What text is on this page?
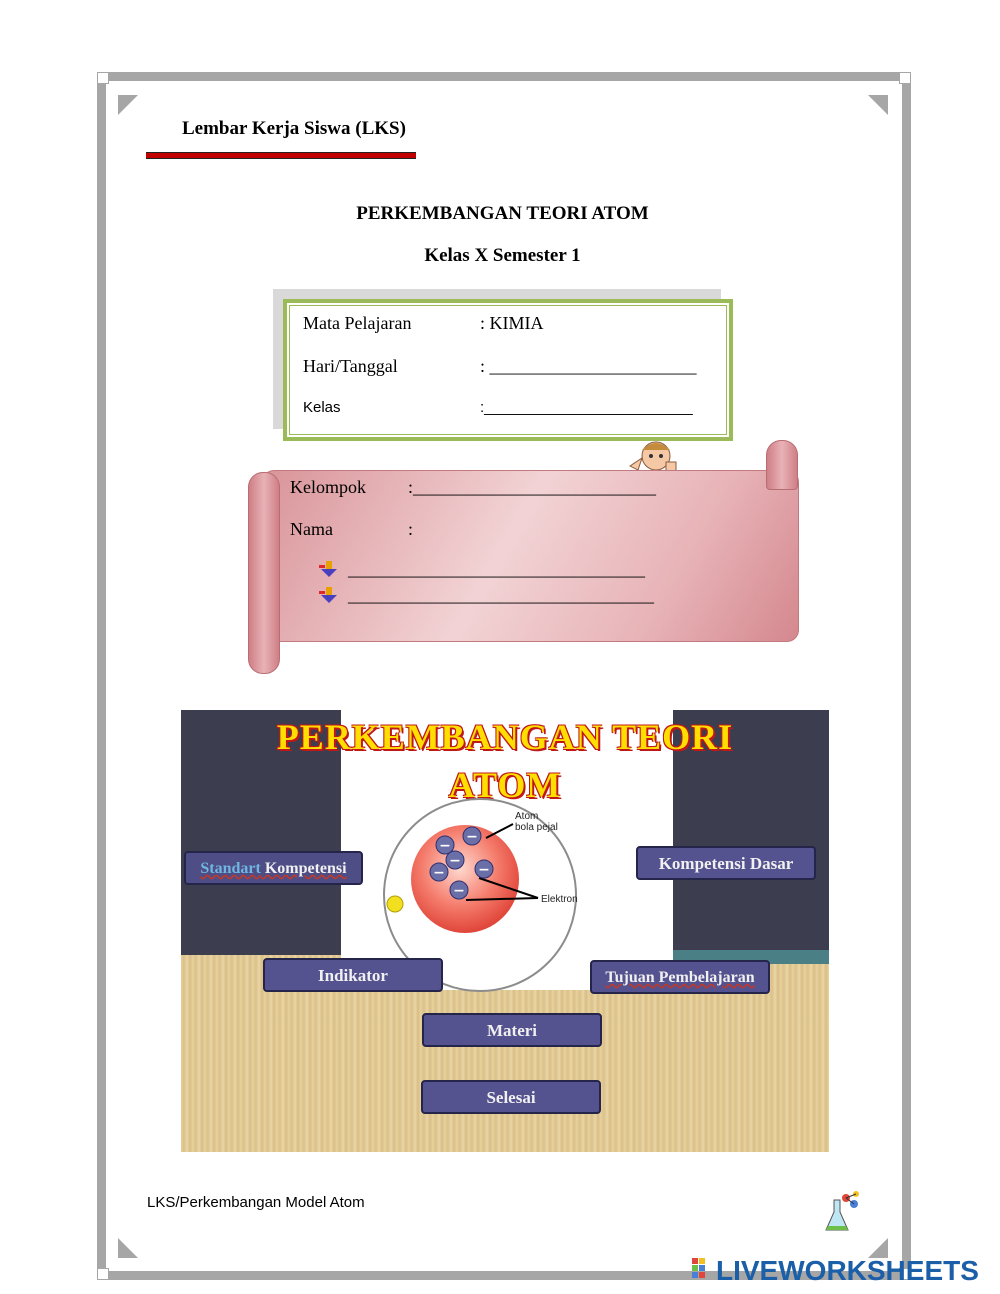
Lembar Kerja Siswa (LKS)
PERKEMBANGAN TEORI ATOM
Kelas X Semester 1
Mata Pelajaran	: KIMIA
Hari/Tanggal	: _______________________
Kelas	:_________________________
Kelompok :___________________________
Nama	:
_________________________________
__________________________________
PERKEMBANGAN TEORI
ATOM
−
−
−
−
−
−
Atom
bola pejal
Elektron
Standart Kompetensi	Kompetensi Dasar
Indikator	Tujuan Pembelajaran
Materi
Selesai
LKS/Perkembangan Model Atom
LIVEWORKSHEETS
